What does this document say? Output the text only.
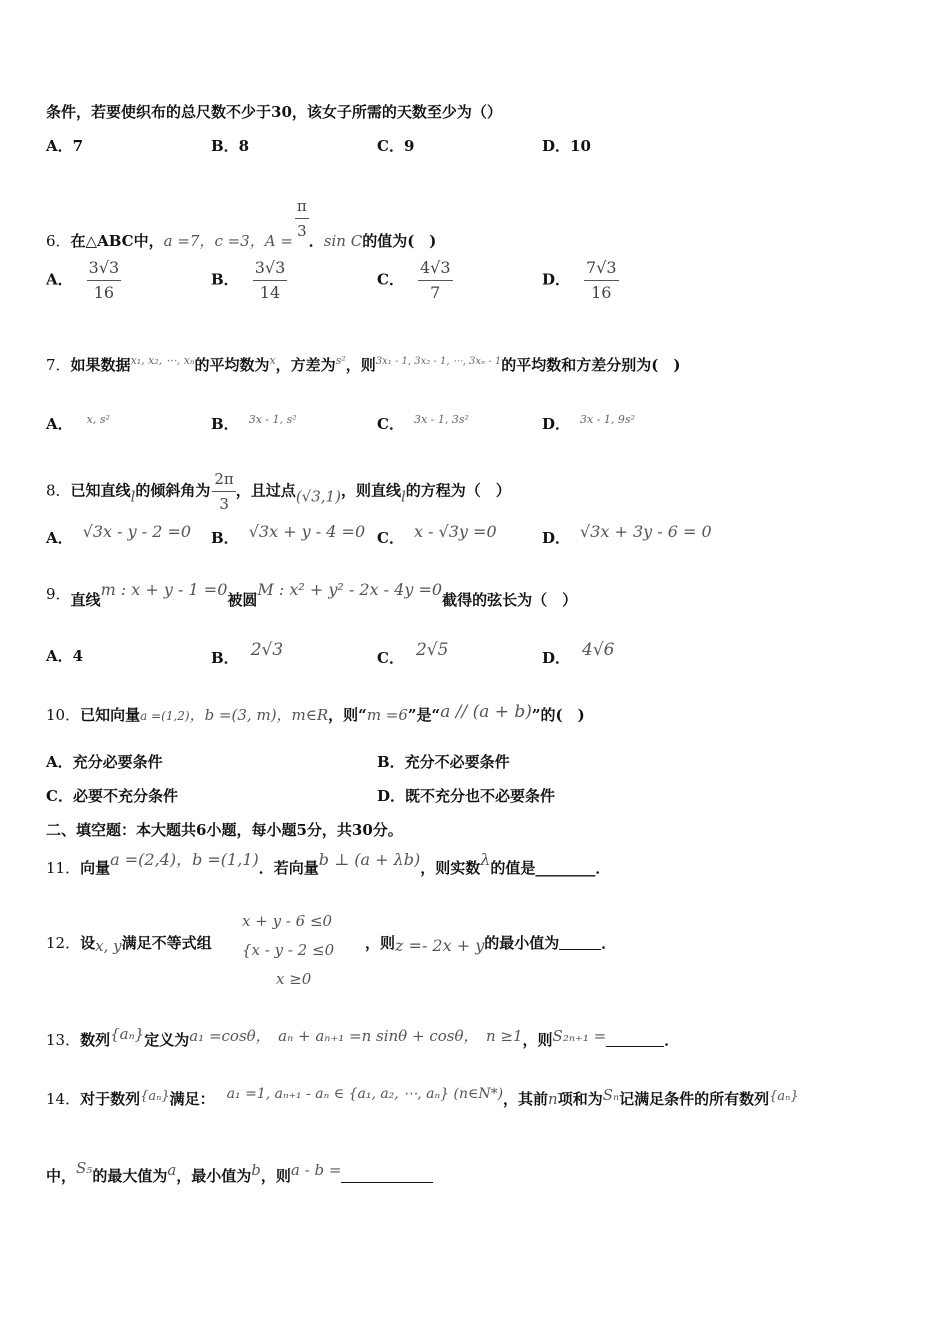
条件，若要使织布的总尺数不少于30，该女子所需的天数至少为（）
A．7	B．8	C．9	D．10
6．在△ABC中，a =7，c =3，$A = \frac{\pi}{3}$ ．sin C的值为(　)
A． $\frac{3√3}{16}$	B． $\frac{3√3}{14}$	C． $\frac{4√3}{7}$	D． $\frac{7√3}{16}$
7．如果数据$^{x_1, x_2, \cdots, x_n}$的平均数为$^x$，方差为$^{s^2}$，则$^{3x_1 - 1, 3x_2 - 1, \cdots, 3x_n - 1}$的平均数和方差分别为(　)
A． $^{x, s^2}$	B． $^{3x - 1, s^2}$	C． $^{3x - 1, 3s^2}$	D． $^{3x - 1, 9s^2}$
8．已知直线l的倾斜角为 $\frac{2\pi}{3}$ ，且过点(√3,1)，则直线l的方程为（　）
A． √3x - y - 2 =0 B． √3x + y - 4 =0 C． x - √3y =0	D． √3x + 3y - 6 = 0
9．直线m : x + y - 1 =0被圆M : x² + y² - 2x - 4y =0截得的弦长为（　）
A．4	B． 2√3	C． 2√5	D． 4√6
10．已知向量a =(1,2)，b =(3, m)，m∈R，则“m =6”是“a // (a + b)”的(　)
A．充分必要条件	B．充分不必要条件
C．必要不充分条件	D．既不充分也不必要条件
二、填空题：本大题共6小题，每小题5分，共30分。
11．向量a =(2,4)，b =(1,1)．若向量b ⊥ (a + λb)，则实数λ的值是________．
x + y - 6 ≤0
{x - y - 2 ≤0
x ≥0
12．设x, y满足不等式组	，则z =- 2x + y的最小值为	．
13．数列{aₙ}定义为a₁ =cosθ，　aₙ + aₙ₊₁ =n sinθ + cosθ，　n ≥1，则S₂ₙ₊₁ =	．
14．对于数列{aₙ}满足： a₁ =1, aₙ₊₁ - aₙ ∈ {a₁, a₂, ⋯, aₙ} (n∈N*)，其前n项和为Sₙ记满足条件的所有数列{aₙ}
中，S₅的最大值为a，最小值为b，则a - b =
